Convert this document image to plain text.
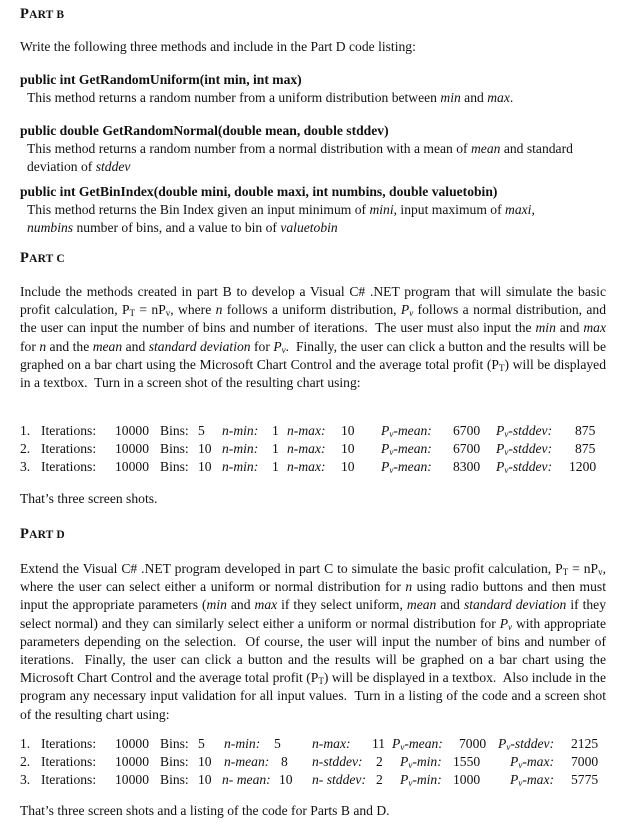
PART B
Write the following three methods and include in the Part D code listing:
public int GetRandomUniform(int min, int max)
This method returns a random number from a uniform distribution between min and max.
public double GetRandomNormal(double mean, double stddev)
This method returns a random number from a normal distribution with a mean of mean and standard
deviation of stddev
public int GetBinIndex(double mini, double maxi, int numbins, double valuetobin)
This method returns the Bin Index given an input minimum of mini, input maximum of maxi,
numbins number of bins, and a value to bin of valuetobin
PART C
Include the methods created in part B to develop a Visual C# .NET program that will simulate the basic profit calculation, $P_T = nP_v$, where n follows a uniform distribution, $P_v$ follows a normal distribution, and the user can input the number of bins and number of iterations.  The user must also input the min and max for n and the mean and standard deviation for $P_v$.  Finally, the user can click a button and the results will be graphed on a bar chart using the Microsoft Chart Control and the average total profit $(P_T)$ will be displayed in a textbox.  Turn in a screen shot of the resulting chart using:
1. Iterations: 10000 Bins: 5 n-min: 1 n-max: 10 $P_v$-mean: 6700 $P_v$-stddev: 875
2. Iterations: 10000 Bins: 10 n-min: 1 n-max: 10 $P_v$-mean: 6700 $P_v$-stddev: 875
3. Iterations: 10000 Bins: 10 n-min: 1 n-max: 10 $P_v$-mean: 8300 $P_v$-stddev: 1200
That’s three screen shots.
PART D
Extend the Visual C# .NET program developed in part C to simulate the basic profit calculation, $P_T = nP_v$, where the user can select either a uniform or normal distribution for n using radio buttons and then must input the appropriate parameters (min and max if they select uniform, mean and standard deviation if they select normal) and they can similarly select either a uniform or normal distribution for $P_v$ with appropriate parameters depending on the selection.  Of course, the user will input the number of bins and number of iterations.  Finally, the user can click a button and the results will be graphed on a bar chart using the Microsoft Chart Control and the average total profit $(P_T)$ will be displayed in a textbox.  Also include in the program any necessary input validation for all input values.  Turn in a listing of the code and a screen shot of the resulting chart using:
1. Iterations: 10000 Bins: 5 n-min: 5 n-max: 11 $P_v$-mean: 7000 $P_v$-stddev: 2125
2. Iterations: 10000 Bins: 10 n-mean: 8 n-stddev: 2 $P_v-\min$: 1550 $P_v-\max$: 7000
3. Iterations: 10000 Bins: 10 n- mean: 10 n- stddev: 2 $P_v-\min$: 1000 $P_v-\max$: 5775
That’s three screen shots and a listing of the code for Parts B and D.
